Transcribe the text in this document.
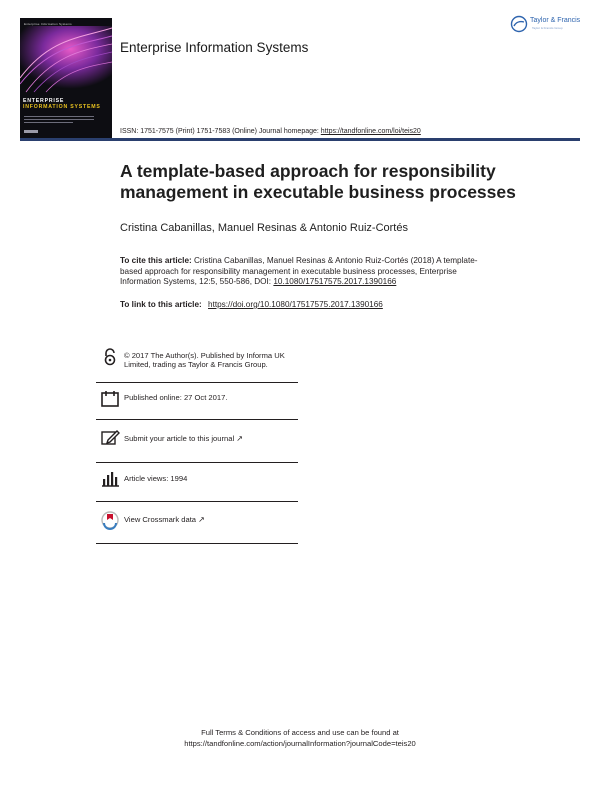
Enterprise Information Systems
ENTERPRISE
INFORMATION SYSTEMS
Enterprise Information Systems
Taylor & Francis
Taylor & Francis Group
ISSN: 1751-7575 (Print) 1751-7583 (Online) Journal homepage: https://tandfonline.com/loi/teis20
A template-based approach for responsibility management in executable business processes
Cristina Cabanillas, Manuel Resinas & Antonio Ruiz-Cortés
To cite this article: Cristina Cabanillas, Manuel Resinas & Antonio Ruiz-Cortés (2018) A template-based approach for responsibility management in executable business processes, Enterprise Information Systems, 12:5, 550-586, DOI: 10.1080/17517575.2017.1390166
To link to this article: https://doi.org/10.1080/17517575.2017.1390166
© 2017 The Author(s). Published by Informa UK Limited, trading as Taylor & Francis Group.
Published online: 27 Oct 2017.
Submit your article to this journal ↗
Article views: 1994
View Crossmark data ↗
Full Terms & Conditions of access and use can be found at
https://tandfonline.com/action/journalInformation?journalCode=teis20
